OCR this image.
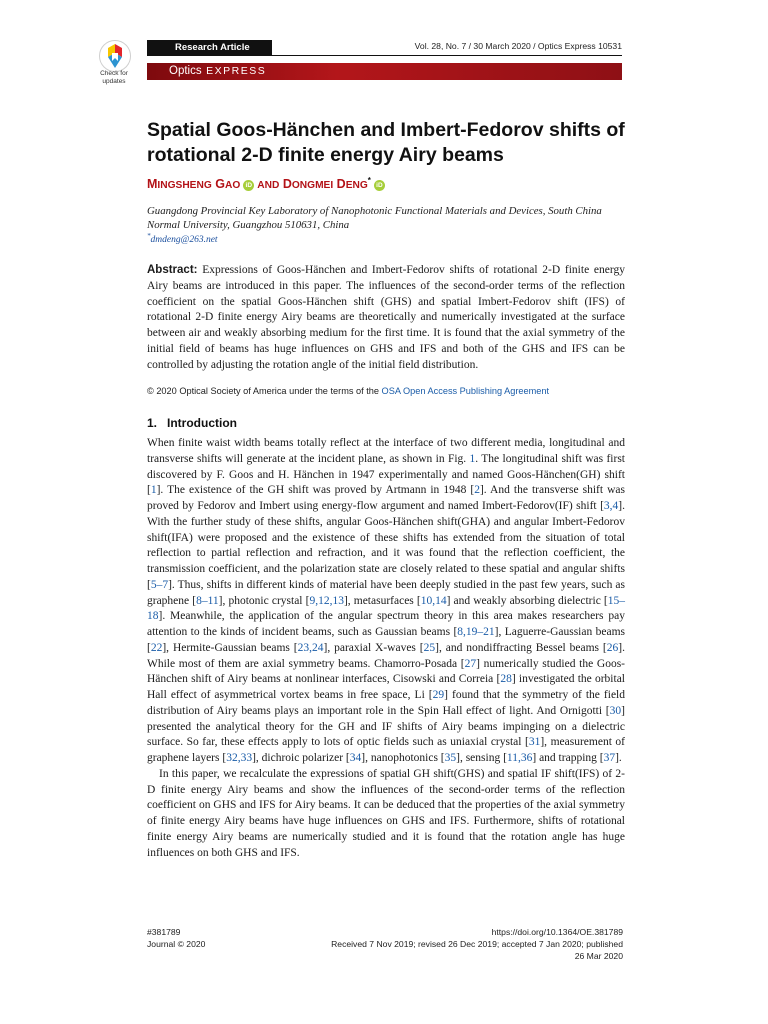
Check for
updates
Research Article	Vol. 28, No. 7 / 30 March 2020 / Optics Express 10531
Optics EXPRESS
Spatial Goos-Hänchen and Imbert-Fedorov shifts of rotational 2-D finite energy Airy beams
MINGSHENG GAO iD AND DONGMEI DENG*iD
Guangdong Provincial Key Laboratory of Nanophotonic Functional Materials and Devices, South China Normal University, Guangzhou 510631, China
*dmdeng@263.net
Abstract: Expressions of Goos-Hänchen and Imbert-Fedorov shifts of rotational 2-D finite energy Airy beams are introduced in this paper. The influences of the second-order terms of the reflection coefficient on the spatial Goos-Hänchen shift (GHS) and spatial Imbert-Fedorov shift (IFS) of rotational 2-D finite energy Airy beams are theoretically and numerically investigated at the surface between air and weakly absorbing medium for the first time. It is found that the axial symmetry of the initial field of beams has huge influences on GHS and IFS and both of the GHS and IFS can be controlled by adjusting the rotation angle of the initial field distribution.
© 2020 Optical Society of America under the terms of the OSA Open Access Publishing Agreement
1.   Introduction

When finite waist width beams totally reflect at the interface of two different media, longitudinal and transverse shifts will generate at the incident plane, as shown in Fig. 1. The longitudinal shift was first discovered by F. Goos and H. Hänchen in 1947 experimentally and named Goos-Hänchen(GH) shift [1]. The existence of the GH shift was proved by Artmann in 1948 [2]. And the transverse shift was proved by Fedorov and Imbert using energy-flow argument and named Imbert-Fedorov(IF) shift [3,4]. With the further study of these shifts, angular Goos-Hänchen shift(GHA) and angular Imbert-Fedorov shift(IFA) were proposed and the existence of these shifts has extended from the situation of total reflection to partial reflection and refraction, and it was found that the reflection coefficient, the transmission coefficient, and the polarization state are closely related to these spatial and angular shifts [5–7]. Thus, shifts in different kinds of material have been deeply studied in the past few years, such as graphene [8–11], photonic crystal [9,12,13], metasurfaces [10,14] and weakly absorbing dielectric [15–18]. Meanwhile, the application of the angular spectrum theory in this area makes researchers pay attention to the kinds of incident beams, such as Gaussian beams [8,19–21], Laguerre-Gaussian beams [22], Hermite-Gaussian beams [23,24], paraxial X-waves [25], and nondiffracting Bessel beams [26]. While most of them are axial symmetry beams. Chamorro-Posada [27] numerically studied the Goos-Hänchen shift of Airy beams at nonlinear interfaces, Cisowski and Correia [28] investigated the orbital Hall effect of asymmetrical vortex beams in free space, Li [29] found that the symmetry of the field distribution of Airy beams plays an important role in the Spin Hall effect of light. And Ornigotti [30] presented the analytical theory for the GH and IF shifts of Airy beams impinging on a dielectric surface. So far, these effects apply to lots of optic fields such as uniaxial crystal [31], measurement of graphene layers [32,33], dichroic polarizer [34], nanophotonics [35], sensing [11,36] and trapping [37].

In this paper, we recalculate the expressions of spatial GH shift(GHS) and spatial IF shift(IFS) of 2-D finite energy Airy beams and show the influences of the second-order terms of the reflection coefficient on GHS and IFS for Airy beams. It can be deduced that the properties of the axial symmetry of finite energy Airy beams have huge influences on GHS and IFS. Furthermore, shifts of rotational finite energy Airy beams are numerically studied and it is found that the rotation angle has huge influences on both GHS and IFS.

#381789
Journal © 2020
https://doi.org/10.1364/OE.381789
Received 7 Nov 2019; revised 26 Dec 2019; accepted 7 Jan 2020; published 26 Mar 2020
